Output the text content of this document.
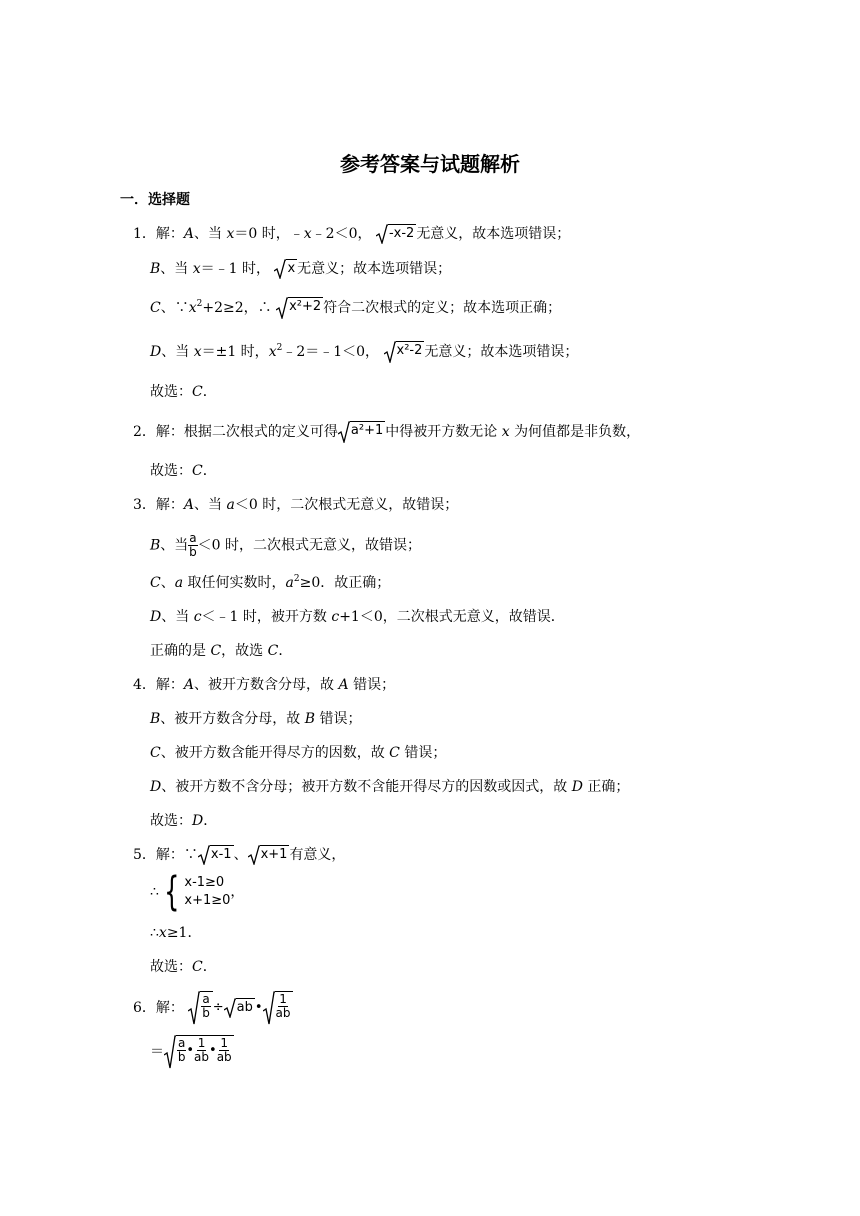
参考答案与试题解析
一．选择题
1．解：A、当 x＝0 时，﹣x﹣2＜0， -x-2 无意义，故本选项错误；
B、当 x＝﹣1 时， x 无意义；故本选项错误；
C、$\because x^2+2\ge 2$，∴ x²+2 符合二次根式的定义；故本选项正确；
D、当 x＝±1 时，$x^2﹣2=﹣1<0$， x²-2 无意义；故本选项错误；
故选：C．
2．解：根据二次根式的定义可得 a²+1 中得被开方数无论 x 为何值都是非负数，
故选：C．
3．解：A、当 a＜0 时，二次根式无意义，故错误；
B、当 $\frac{a}{b} <0$ 时，二次根式无意义，故错误；
C、a 取任何实数时，$a^2\ge 0$．故正确；
D、当 c＜﹣1 时，被开方数 c+1＜0，二次根式无意义，故错误．
正确的是 C，故选 C．
4．解：A、被开方数含分母，故 A 错误；
B、被开方数含分母，故 B 错误；
C、被开方数含能开得尽方的因数，故 C 错误；
D、被开方数不含分母；被开方数不含能开得尽方的因数或因式，故 D 正确；
故选：D．
5．解：∵ x-1 、 x+1 有意义，
∴ { x-1≥0
x+1≥0
，
∴x≥1．
故选：C．
6．解： $\frac{a}{b}$ ÷ ab • $\frac{1}{ab}$
＝ $\frac{a}{b}$ • $\frac{1}{ab}$ • $\frac{1}{ab}$
